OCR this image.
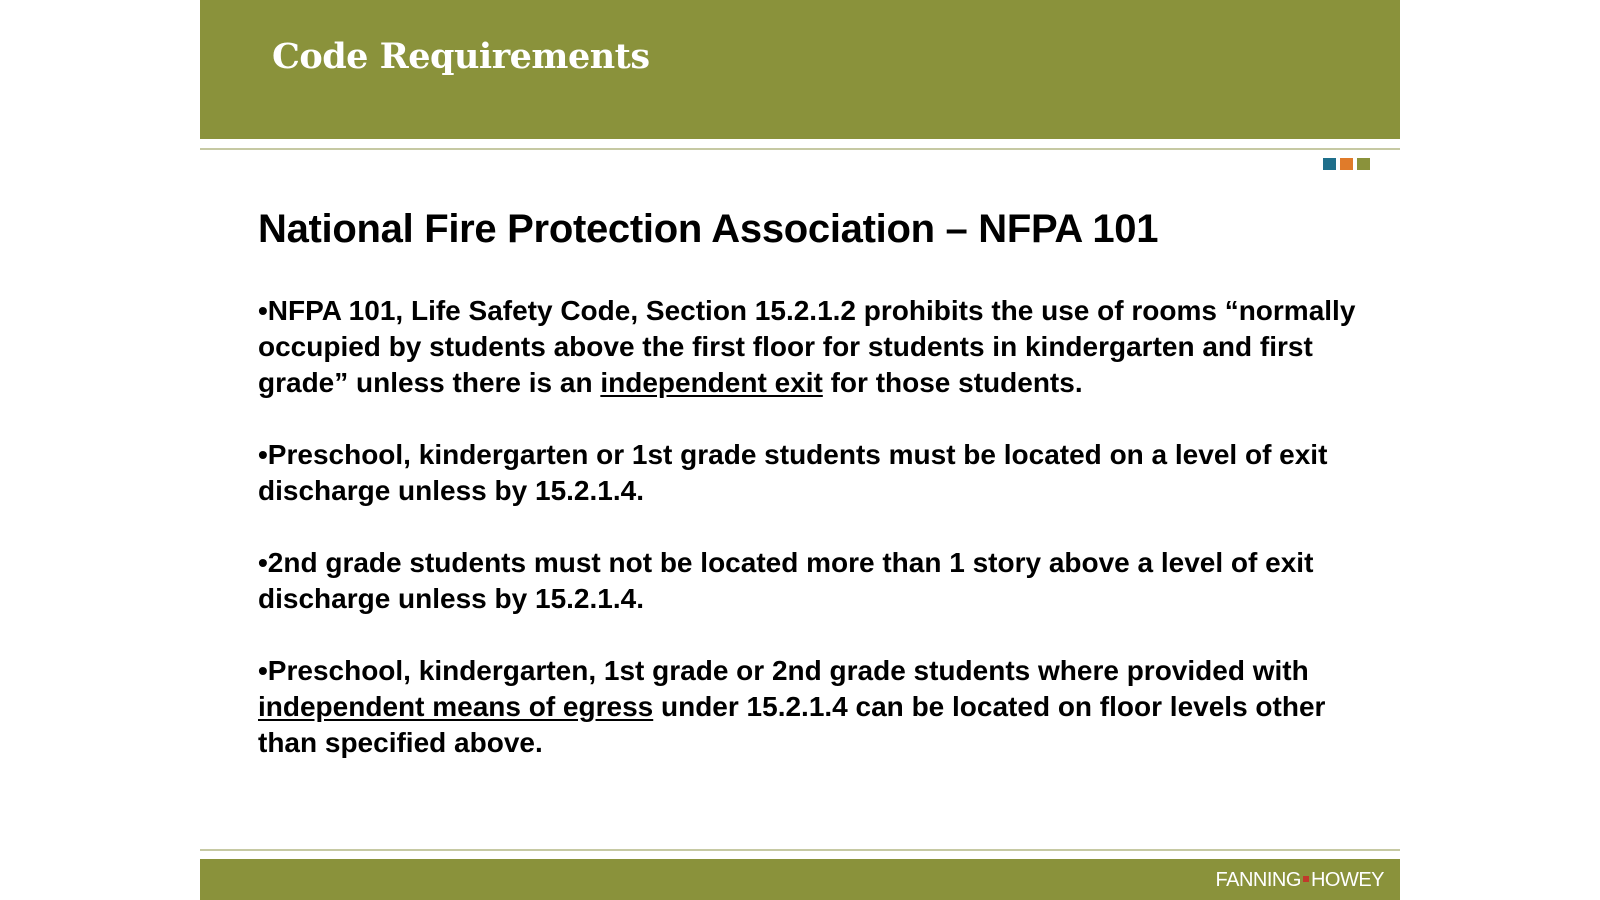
Code Requirements
National Fire Protection Association – NFPA 101

•NFPA 101, Life Safety Code, Section 15.2.1.2 prohibits the use of rooms “normally occupied by students above the first floor for students in kindergarten and first grade” unless there is an independent exit for those students.

•Preschool, kindergarten or 1st grade students must be located on a level of exit discharge unless by 15.2.1.4.

•2nd grade students must not be located more than 1 story above a level of exit discharge unless by 15.2.1.4.

•Preschool, kindergarten, 1st grade or 2nd grade students where provided with independent means of egress under 15.2.1.4 can be located on floor levels other than specified above.

FANNING HOWEY
